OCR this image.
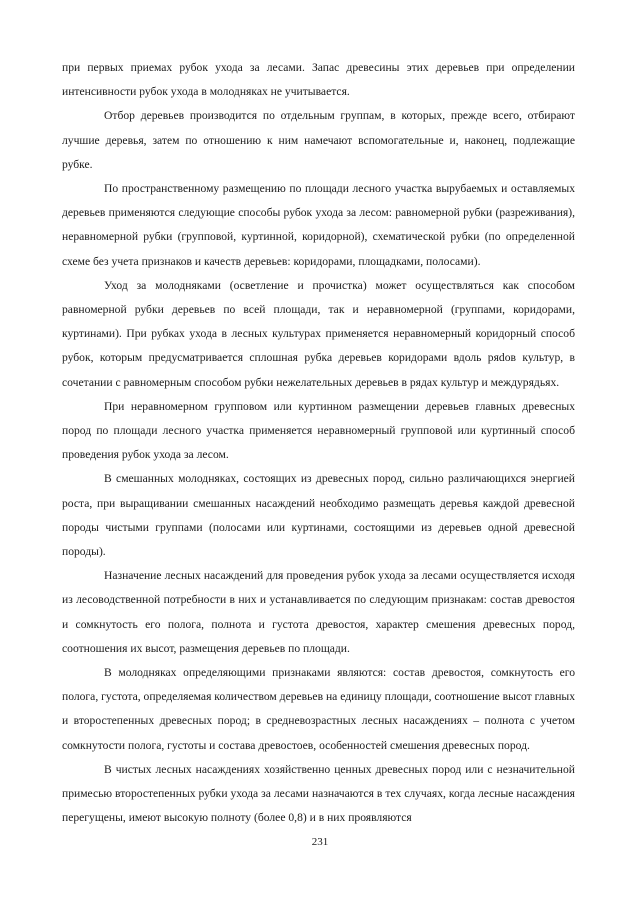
при первых приемах рубок ухода за лесами. Запас древесины этих деревьев при определении интенсивности рубок ухода в молодняках не учитывается.

Отбор деревьев производится по отдельным группам, в которых, прежде всего, отбирают лучшие деревья, затем по отношению к ним намечают вспомогательные и, наконец, подлежащие рубке.

По пространственному размещению по площади лесного участка вырубаемых и оставляемых деревьев применяются следующие способы рубок ухода за лесом: равномерной рубки (разреживания), неравномерной рубки (групповой, куртинной, коридорной), схематической рубки (по определенной схеме без учета признаков и качеств деревьев: коридорами, площадками, полосами).

Уход за молодняками (осветление и прочистка) может осуществляться как способом равномерной рубки деревьев по всей площади, так и неравномерной (группами, коридорами, куртинами). При рубках ухода в лесных культурах применяется неравномерный коридорный способ рубок, которым предусматривается сплошная рубка деревьев коридорами вдоль ряdов культур, в сочетании с равномерным способом рубки нежелательных деревьев в рядах культур и междурядьях.

При неравномерном групповом или куртинном размещении деревьев главных древесных пород по площади лесного участка применяется неравномерный групповой или куртинный способ проведения рубок ухода за лесом.

В смешанных молодняках, состоящих из древесных пород, сильно различающихся энергией роста, при выращивании смешанных насаждений необходимо размещать деревья каждой древесной породы чистыми группами (полосами или куртинами, состоящими из деревьев одной древесной породы).

Назначение лесных насаждений для проведения рубок ухода за лесами осуществляется исходя из лесоводственной потребности в них и устанавливается по следующим признакам: состав древостоя и сомкнутость его полога, полнота и густота древостоя, характер смешения древесных пород, соотношения их высот, размещения деревьев по площади.

В молодняках определяющими признаками являются: состав древостоя, сомкнутость его полога, густота, определяемая количеством деревьев на единицу площади, соотношение высот главных и второстепенных древесных пород; в средневозрастных лесных насаждениях – полнота с учетом сомкнутости полога, густоты и состава древостоев, особенностей смешения древесных пород.

В чистых лесных насаждениях хозяйственно ценных древесных пород или с незначительной примесью второстепенных рубки ухода за лесами назначаются в тех случаях, когда лесные насаждения перегущены, имеют высокую полноту (более 0,8) и в них проявляются

231
